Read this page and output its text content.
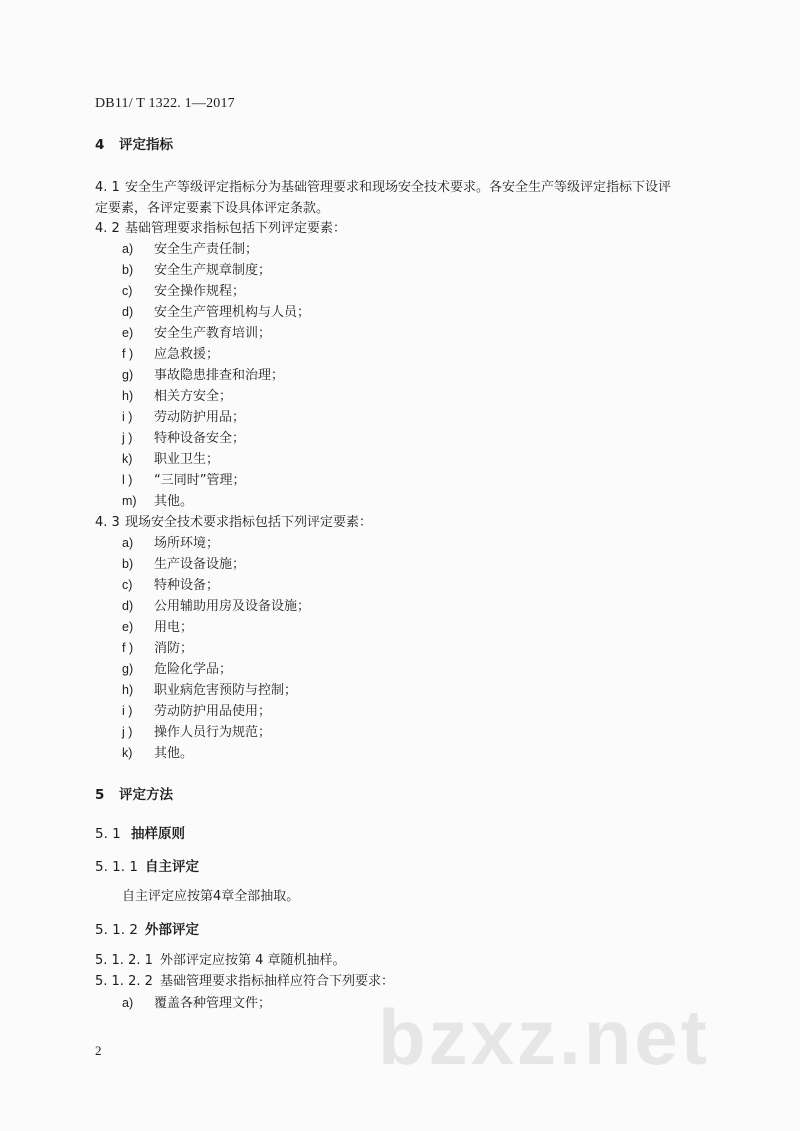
DB11/ T 1322. 1—2017
4 评定指标
4. 1 安全生产等级评定指标分为基础管理要求和现场安全技术要求。各安全生产等级评定指标下设评
定要素，各评定要素下设具体评定条款。
4. 2 基础管理要求指标包括下列评定要素：
a) 安全生产责任制；
b) 安全生产规章制度；
c) 安全操作规程；
d) 安全生产管理机构与人员；
e) 安全生产教育培训；
f ) 应急救援；
g) 事故隐患排查和治理；
h) 相关方安全；
i ) 劳动防护用品；
j ) 特种设备安全；
k) 职业卫生；
l ) “三同时”管理；
m) 其他。
4. 3 现场安全技术要求指标包括下列评定要素：
a) 场所环境；
b) 生产设备设施；
c) 特种设备；
d) 公用辅助用房及设备设施；
e) 用电；
f ) 消防；
g) 危险化学品；
h) 职业病危害预防与控制；
i ) 劳动防护用品使用；
j ) 操作人员行为规范；
k) 其他。
5 评定方法
5. 1 抽样原则
5. 1. 1 自主评定
自主评定应按第4章全部抽取。
5. 1. 2 外部评定
5. 1. 2. 1 外部评定应按第 4 章随机抽样。
5. 1. 2. 2 基础管理要求指标抽样应符合下列要求：
a) 覆盖各种管理文件； bzxz.net
2
